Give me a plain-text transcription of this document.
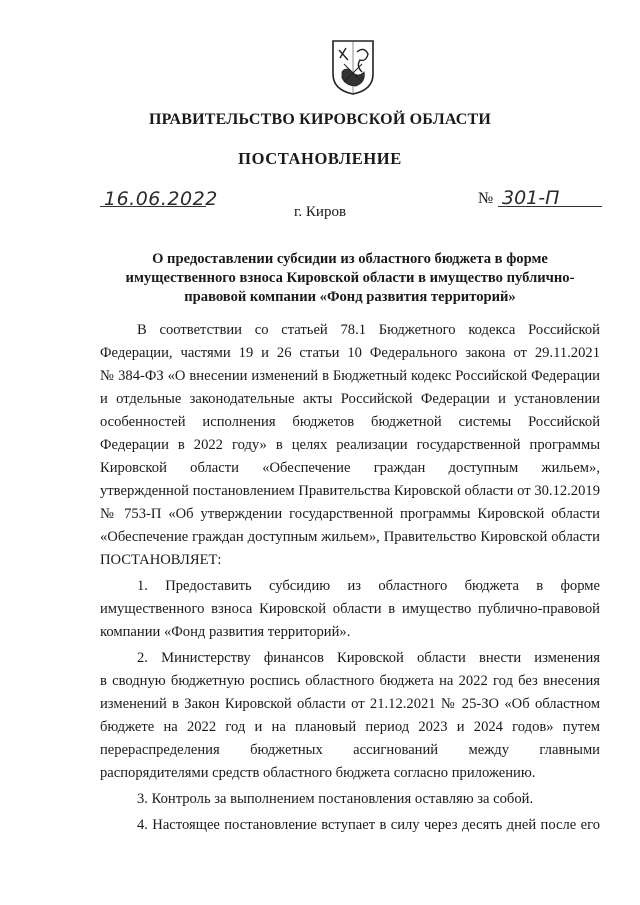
ПРАВИТЕЛЬСТВО КИРОВСКОЙ ОБЛАСТИ
ПОСТАНОВЛЕНИЕ
16.06.2022	№ 301-П
г. Киров
О предоставлении субсидии из областного бюджета в форме
имущественного взноса Кировской области в имущество публично-
правовой компании «Фонд развития территорий»

В соответствии со статьей 78.1 Бюджетного кодекса Российской

Федерации, частями 19 и 26 статьи 10 Федерального закона от 29.11.2021

№ 384-ФЗ «О внесении изменений в Бюджетный кодекс Российской Федерации

и отдельные законодательные акты Российской Федерации и установлении

особенностей исполнения бюджетов бюджетной системы Российской

Федерации в 2022 году» в целях реализации государственной программы

Кировской области «Обеспечение граждан доступным жильем»,

утвержденной постановлением Правительства Кировской области от 30.12.2019

№ 753-П «Об утверждении государственной программы Кировской области

«Обеспечение граждан доступным жильем», Правительство Кировской области

ПОСТАНОВЛЯЕТ:

1. Предоставить субсидию из областного бюджета в форме

имущественного взноса Кировской области в имущество публично-правовой

компании «Фонд развития территорий».

2. Министерству финансов Кировской области внести изменения

в сводную бюджетную роспись областного бюджета на 2022 год без внесения

изменений в Закон Кировской области от 21.12.2021 № 25-ЗО «Об областном

бюджете на 2022 год и на плановый период 2023 и 2024 годов» путем

перераспределения бюджетных ассигнований между главными

распорядителями средств областного бюджета согласно приложению.

3. Контроль за выполнением постановления оставляю за собой.

4. Настоящее постановление вступает в силу через десять дней после его
